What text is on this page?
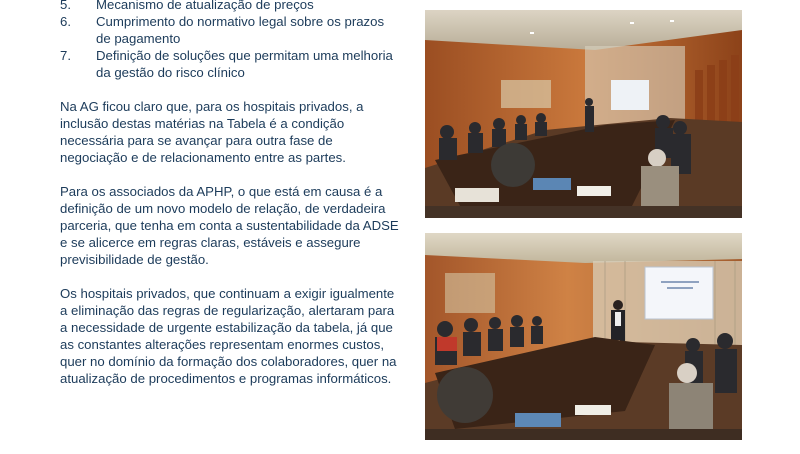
5.	Mecanismo de atualização de preços
6.	Cumprimento do normativo legal sobre os prazos de pagamento
7.	Definição de soluções que permitam uma melhoria da gestão do risco clínico

Na AG ficou claro que, para os hospitais privados, a inclusão destas matérias na Tabela é a condição necessária para se avançar para outra fase de negociação e de relacionamento entre as partes.

Para os associados da APHP, o que está em causa é a definição de um novo modelo de relação, de verdadeira parceria, que tenha em conta a sustentabilidade da ADSE e se alicerce em regras claras, estáveis e assegure previsibilidade de gestão.

Os hospitais privados, que continuam a exigir igualmente a eliminação das regras de regularização, alertaram para a necessidade de urgente estabilização da tabela, já que as constantes alterações representam enormes custos, quer no domínio da formação dos colaboradores, quer na atualização de procedimentos e programas informáticos.
